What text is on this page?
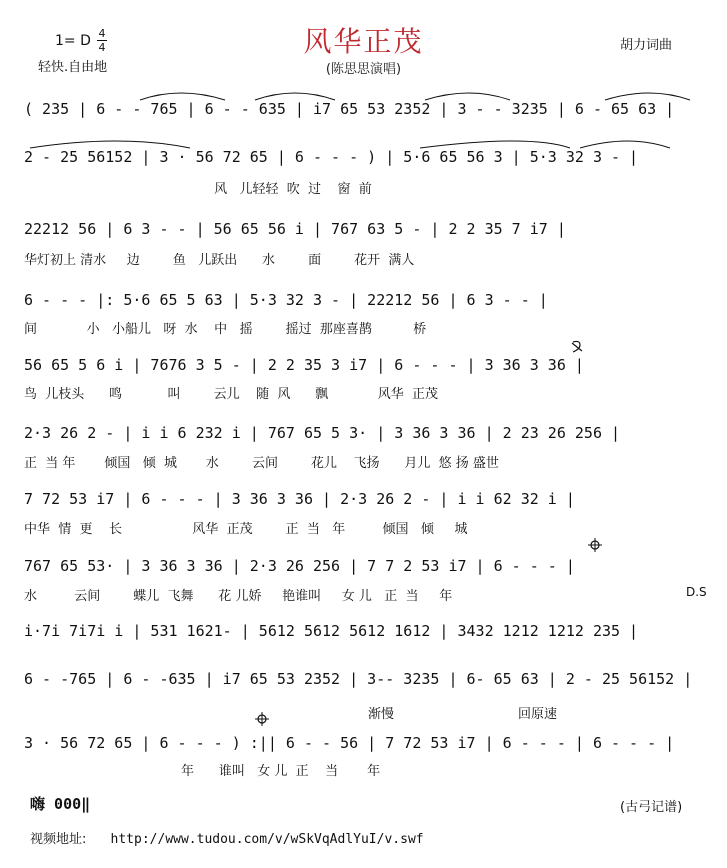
风华正茂
(陈思思演唱)
1= D 4
4
轻快.自由地
胡力词曲
( 235 | 6 - - 765 | 6 - - 635 | i7 65 53 2352 | 3 - - 3235 | 6 - 65 63 |
2 - 25 56152 | 3 · 56 72 65 | 6 - - - ) | 5·6 65 56 3 | 5·3 32 3 - |
风   儿轻轻  吹  过    窗  前
22212 56 | 6 3 - - | 56 65 56 i | 767 63 5 - | 2 2 35 7 i7 |
华灯初上 清水     边        鱼   儿跃出      水        面        花开  满人
6 - - - |: 5·6 65 5 63 | 5·3 32 3 - | 22212 56 | 6 3 - - |
间            小   小船儿   呀  水    中   摇        摇过  那座喜鹊          桥
56 65 5 6 i | 7676 3 5 - | 2 2 35 3 i7 | 6 - - - | 3 36 3 36 |
鸟  儿枝头      鸣           叫        云儿    随  风      飘            风华  正茂
2·3 26 2 - | i i 6 232 i | 767 65 5 3· | 3 36 3 36 | 2 23 26 256 |
正  当 年       倾国   倾  城       水        云间        花儿    飞扬      月儿  悠 扬 盛世
7 72 53 i7 | 6 - - - | 3 36 3 36 | 2·3 26 2 - | i i 62 32 i |
中华  情  更    长                 风华  正茂        正  当   年         倾国   倾     城
767 65 53· | 3 36 3 36 | 2·3 26 256 | 7 7 2 53 i7 | 6 - - - |
水         云间        蝶儿  飞舞      花 儿娇     艳谁叫     女 儿   正  当     年	D.S
i·7i 7i7i i | 531 1621- | 5612 5612 5612 1612 | 3432 1212 1212 235 |
6 - -765 | 6 - -635 | i7 65 53 2352 | 3-- 3235 | 6- 65 63 | 2 - 25 56152 |
渐慢	回原速
3 · 56 72 65 | 6 - - - ) :|| 6 - - 56 | 7 72 53 i7 | 6 - - - | 6 - - - |
年      谁叫   女 儿  正    当       年
嗨 000‖	(古弓记谱)
视频地址: http://www.tudou.com/v/wSkVqAdlYuI/v.swf
